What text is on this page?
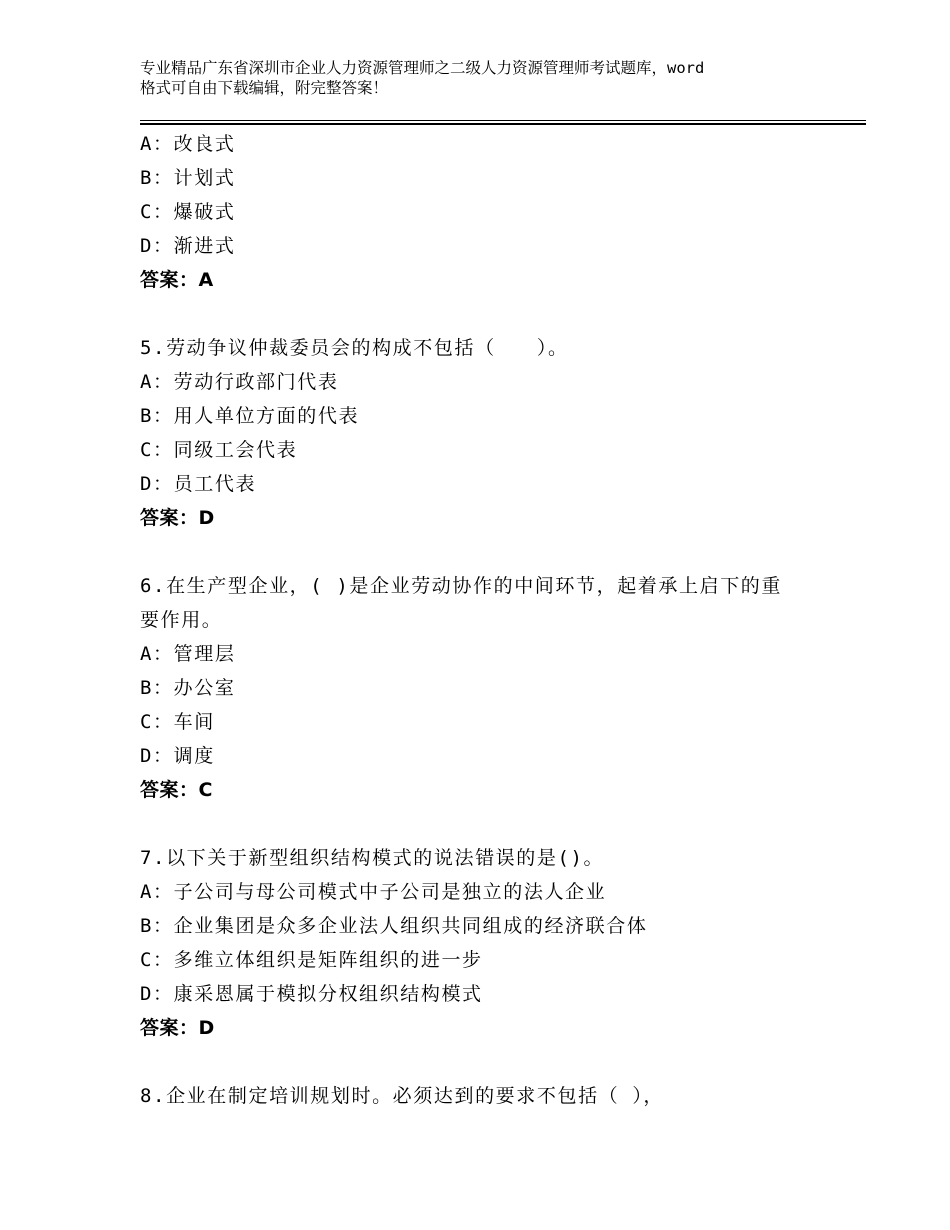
专业精品广东省深圳市企业人力资源管理师之二级人力资源管理师考试题库，word
格式可自由下载编辑，附完整答案！
A：改良式
B：计划式
C：爆破式
D：渐进式
答案：A
5.劳动争议仲裁委员会的构成不包括（　　）。
A：劳动行政部门代表
B：用人单位方面的代表
C：同级工会代表
D：员工代表
答案：D
6.在生产型企业，( )是企业劳动协作的中间环节，起着承上启下的重
要作用。
A：管理层
B：办公室
C：车间
D：调度
答案：C
7.以下关于新型组织结构模式的说法错误的是()。
A：子公司与母公司模式中子公司是独立的法人企业
B：企业集团是众多企业法人组织共同组成的经济联合体
C：多维立体组织是矩阵组织的进一步
D：康采恩属于模拟分权组织结构模式
答案：D
8.企业在制定培训规划时。必须达到的要求不包括（ ），
